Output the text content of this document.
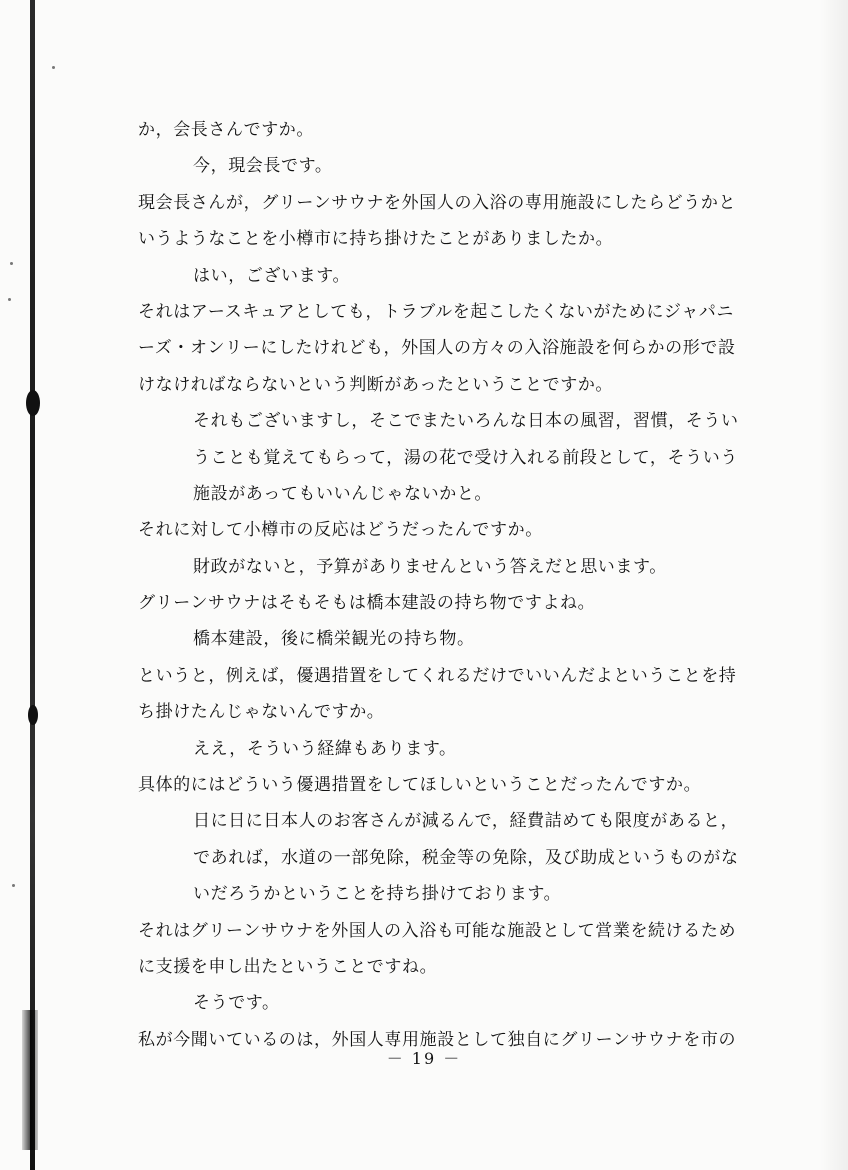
か，会長さんですか。
今，現会長です。
現会長さんが，グリーンサウナを外国人の入浴の専用施設にしたらどうかと
いうようなことを小樽市に持ち掛けたことがありましたか。
はい，ございます。
それはアースキュアとしても，トラブルを起こしたくないがためにジャパニ
ーズ・オンリーにしたけれども，外国人の方々の入浴施設を何らかの形で設
けなければならないという判断があったということですか。
それもございますし，そこでまたいろんな日本の風習，習慣，そうい
うことも覚えてもらって，湯の花で受け入れる前段として，そういう
施設があってもいいんじゃないかと。
それに対して小樽市の反応はどうだったんですか。
財政がないと，予算がありませんという答えだと思います。
グリーンサウナはそもそもは橋本建設の持ち物ですよね。
橋本建設，後に橋栄観光の持ち物。
というと，例えば，優遇措置をしてくれるだけでいいんだよということを持
ち掛けたんじゃないんですか。
ええ，そういう経緯もあります。
具体的にはどういう優遇措置をしてほしいということだったんですか。
日に日に日本人のお客さんが減るんで，経費詰めても限度があると，
であれば，水道の一部免除，税金等の免除，及び助成というものがな
いだろうかということを持ち掛けております。
それはグリーンサウナを外国人の入浴も可能な施設として営業を続けるため
に支援を申し出たということですね。
そうです。
私が今聞いているのは，外国人専用施設として独自にグリーンサウナを市の
－ 19 －
